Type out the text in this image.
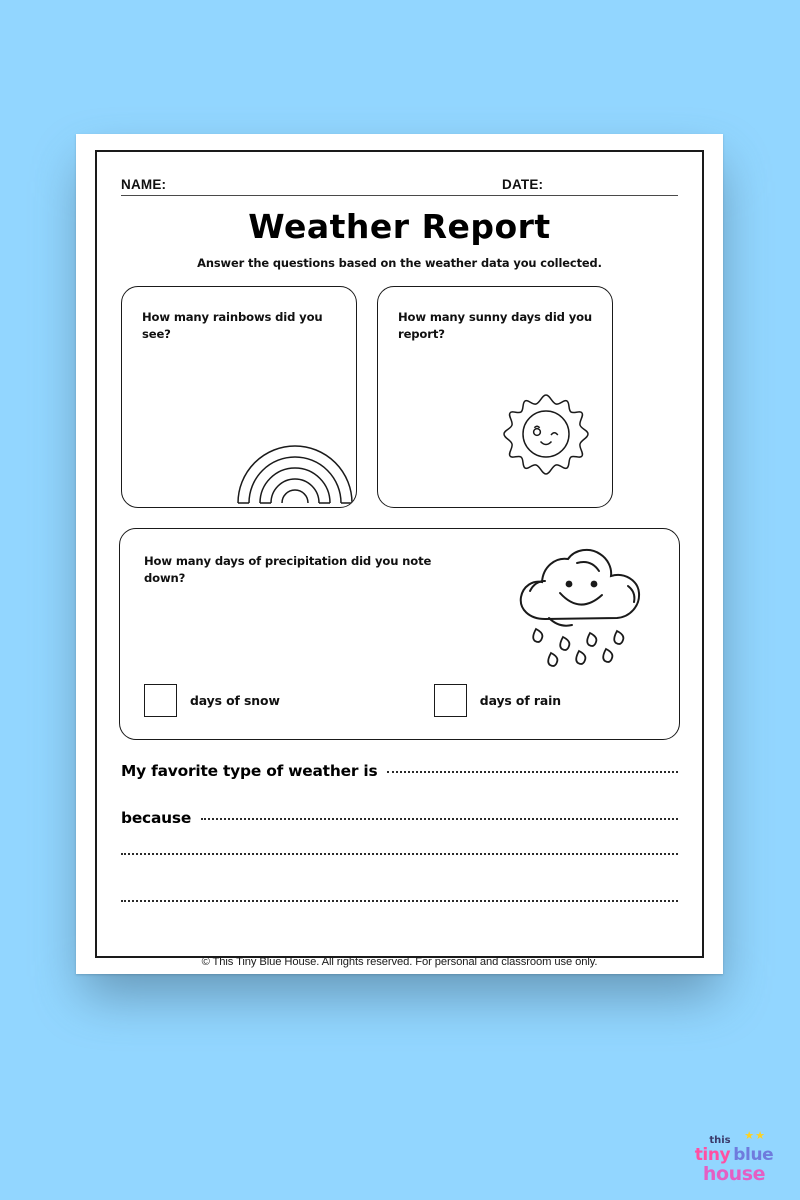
NAME:	DATE:
Weather Report
Answer the questions based on the weather data you collected.
How many rainbows did you see?
How many sunny days did you report?
How many days of precipitation did you note down?
days of snow	days of rain
My favorite type of weather is
because
© This Tiny Blue House. All rights reserved. For personal and classroom use only.
★★
this
tiny blue
house
